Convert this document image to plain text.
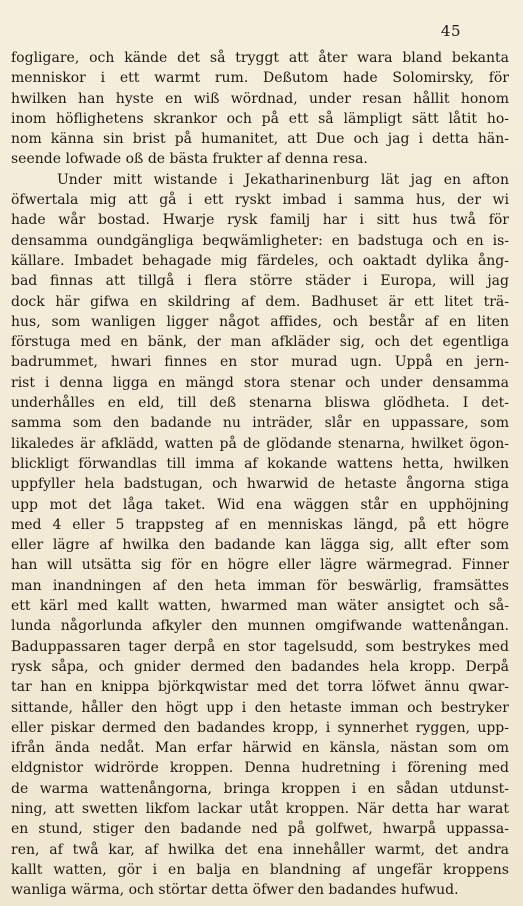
45
fogligare, och kände det så tryggt att åter wara bland bekanta
menniskor i ett warmt rum. Deßutom hade Solomirsky, för
hwilken han hyste en wiß wördnad, under resan hållit honom
inom höflighetens skrankor och på ett så lämpligt sätt låtit ho-
nom känna sin brist på humanitet, att Due och jag i detta hän-
seende lofwade oß de bästa frukter af denna resa.
Under mitt wistande i Jekatharinenburg lät jag en afton
öfwertala mig att gå i ett ryskt imbad i samma hus, der wi
hade wår bostad. Hwarje rysk familj har i sitt hus twå för
densamma oundgängliga beqwämligheter: en badstuga och en is-
källare. Imbadet behagade mig färdeles, och oaktadt dylika ång-
bad finnas att tillgå i flera större städer i Europa, will jag
dock här gifwa en skildring af dem. Badhuset är ett litet trä-
hus, som wanligen ligger något affides, och består af en liten
förstuga med en bänk, der man afkläder sig, och det egentliga
badrummet, hwari finnes en stor murad ugn. Uppå en jern-
rist i denna ligga en mängd stora stenar och under densamma
underhålles en eld, till deß stenarna bliswa glödheta. I det-
samma som den badande nu inträder, slår en uppassare, som
likaledes är afklädd, watten på de glödande stenarna, hwilket ögon-
blickligt förwandlas till imma af kokande wattens hetta, hwilken
uppfyller hela badstugan, och hwarwid de hetaste ångorna stiga
upp mot det låga taket. Wid ena wäggen står en upphöjning
med 4 eller 5 trappsteg af en menniskas längd, på ett högre
eller lägre af hwilka den badande kan lägga sig, allt efter som
han will utsätta sig för en högre eller lägre wärmegrad. Finner
man inandningen af den heta imman för beswärlig, framsättes
ett kärl med kallt watten, hwarmed man wäter ansigtet och så-
lunda någorlunda afkyler den munnen omgifwande wattenångan.
Baduppassaren tager derpå en stor tagelsudd, som bestrykes med
rysk såpa, och gnider dermed den badandes hela kropp. Derpå
tar han en knippa björkqwistar med det torra löfwet ännu qwar-
sittande, håller den högt upp i den hetaste imman och bestryker
eller piskar dermed den badandes kropp, i synnerhet ryggen, upp-
ifrån ända nedåt. Man erfar härwid en känsla, nästan som om
eldgnistor widrörde kroppen. Denna hudretning i förening med
de warma wattenångorna, bringa kroppen i en sådan utdunst-
ning, att swetten likfom lackar utåt kroppen. När detta har warat
en stund, stiger den badande ned på golfwet, hwarpå uppassa-
ren, af twå kar, af hwilka det ena innehåller warmt, det andra
kallt watten, gör i en balja en blandning af ungefär kroppens
wanliga wärma, och störtar detta öfwer den badandes hufwud.
